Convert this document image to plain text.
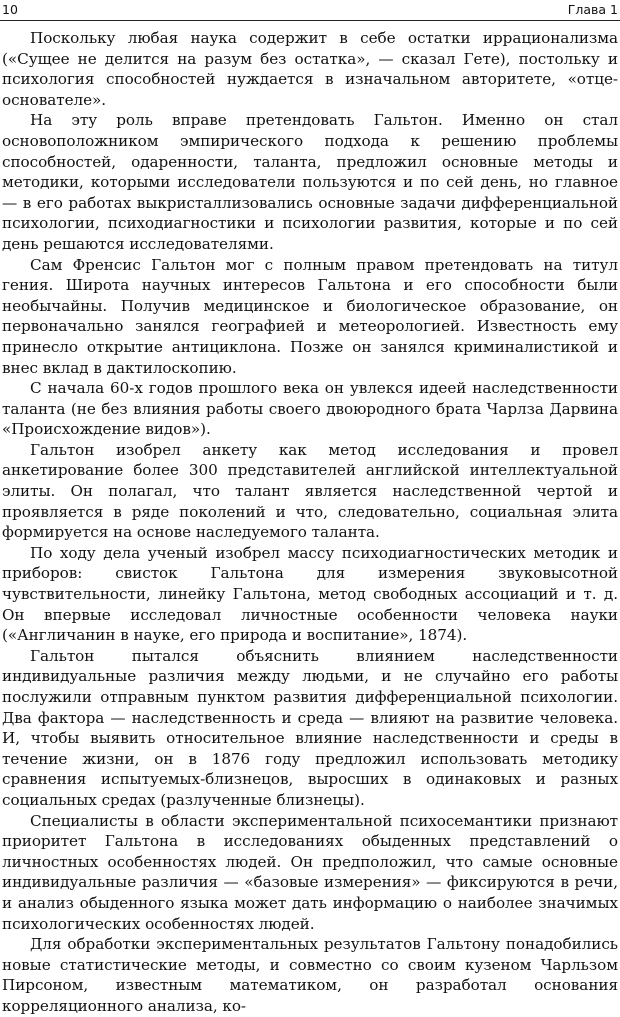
10	Глава 1

Поскольку любая наука содержит в себе остатки иррационализма («Сущее не делится на разум без остатка», — сказал Гете), постольку и психология способностей нуждается в изначальном авторитете, «отце-основателе».

На эту роль вправе претендовать Гальтон. Именно он стал основоположником эмпирического подхода к решению проблемы способностей, одаренности, таланта, предложил основные методы и методики, которыми исследователи пользуются и по сей день, но главное — в его работах выкристаллизовались основные задачи дифференциальной психологии, психодиагностики и психологии развития, которые и по сей день решаются исследователями.

Сам Френсис Гальтон мог с полным правом претендовать на титул гения. Широта научных интересов Гальтона и его способности были необычайны. Получив медицинское и биологическое образование, он первоначально занялся географией и метеорологией. Известность ему принесло открытие антициклона. Позже он занялся криминалистикой и внес вклад в дактилоскопию.

С начала 60-х годов прошлого века он увлекся идеей наследственности таланта (не без влияния работы своего двоюродного брата Чарлза Дарвина «Происхождение видов»).

Гальтон изобрел анкету как метод исследования и провел анкетирование более 300 представителей английской интеллектуальной элиты. Он полагал, что талант является наследственной чертой и проявляется в ряде поколений и что, следовательно, социальная элита формируется на основе наследуемого таланта.

По ходу дела ученый изобрел массу психодиагностических методик и приборов: свисток Гальтона для измерения звуковысотной чувствительности, линейку Гальтона, метод свободных ассоциаций и т. д. Он впервые исследовал личностные особенности человека науки («Англичанин в науке, его природа и воспитание», 1874).

Гальтон пытался объяснить влиянием наследственности индивидуальные различия между людьми, и не случайно его работы послужили отправным пунктом развития дифференциальной психологии. Два фактора — наследственность и среда — влияют на развитие человека. И, чтобы выявить относительное влияние наследственности и среды в течение жизни, он в 1876 году предложил использовать методику сравнения испытуемых-близнецов, выросших в одинаковых и разных социальных средах (разлученные близнецы).

Специалисты в области экспериментальной психосемантики признают приоритет Гальтона в исследованиях обыденных представлений о личностных особенностях людей. Он предположил, что самые основные индивидуальные различия — «базовые измерения» — фиксируются в речи, и анализ обыденного языка может дать информацию о наиболее значимых психологических особенностях людей.

Для обработки экспериментальных результатов Гальтону понадобились новые статистические методы, и совместно со своим кузеном Чарльзом Пирсоном, известным математиком, он разработал основания корреляционного анализа, ко-
